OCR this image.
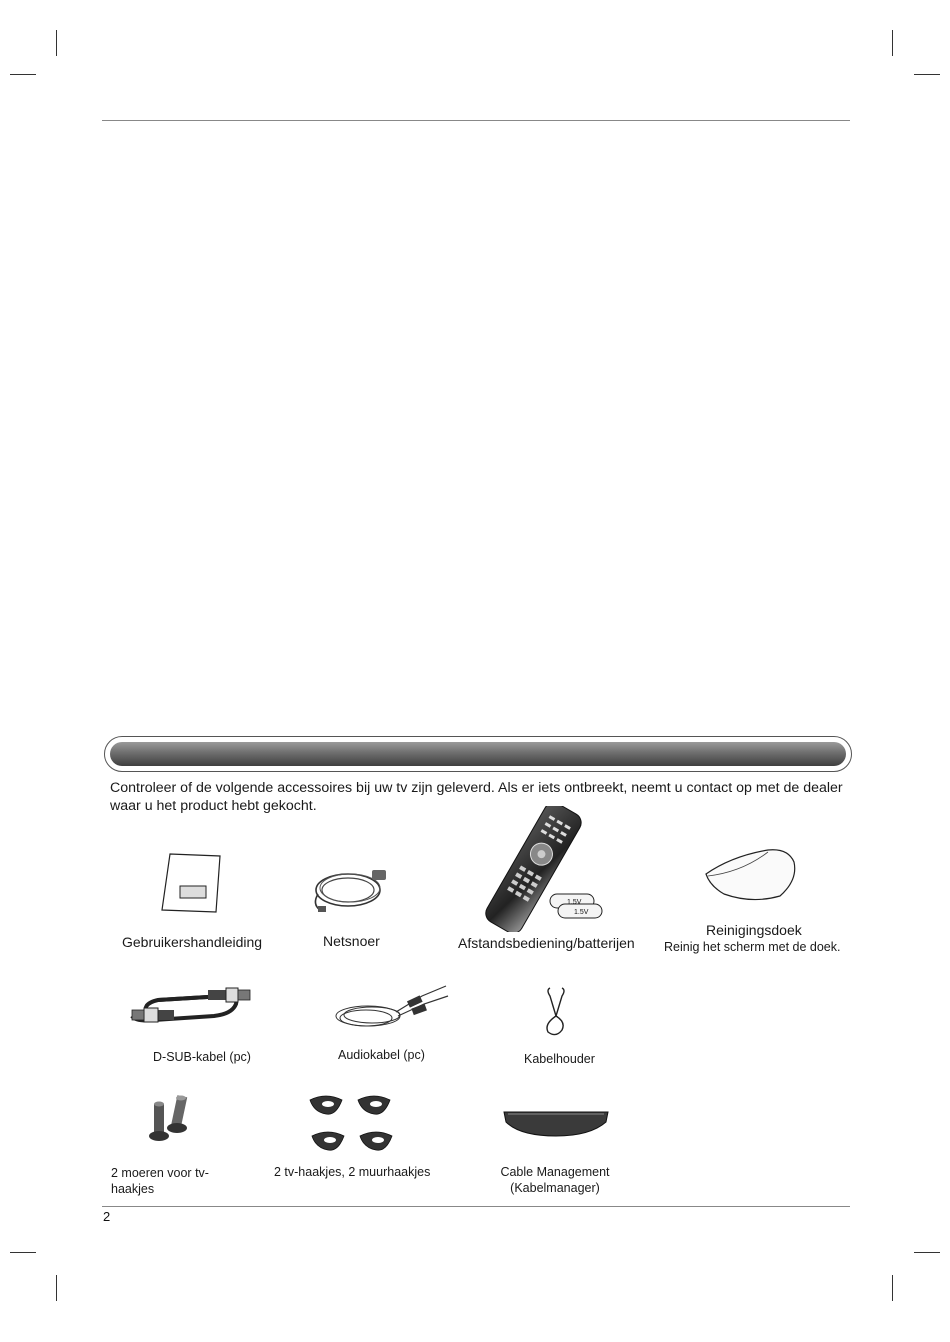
Controleer of de volgende accessoires bij uw tv zijn geleverd. Als er iets ontbreekt, neemt u contact op met de dealer waar u het product hebt gekocht.
Gebruikershandleiding	Netsnoer
1.5V
1.5V
Afstandsbediening/batterijen
Reinigingsdoek
Reinig het scherm met de doek.
D-SUB-kabel (pc)	Audiokabel (pc)	Kabelhouder
2 moeren voor tv-haakjes
2 tv-haakjes, 2 muurhaakjes	Cable Management
(Kabelmanager)
2
